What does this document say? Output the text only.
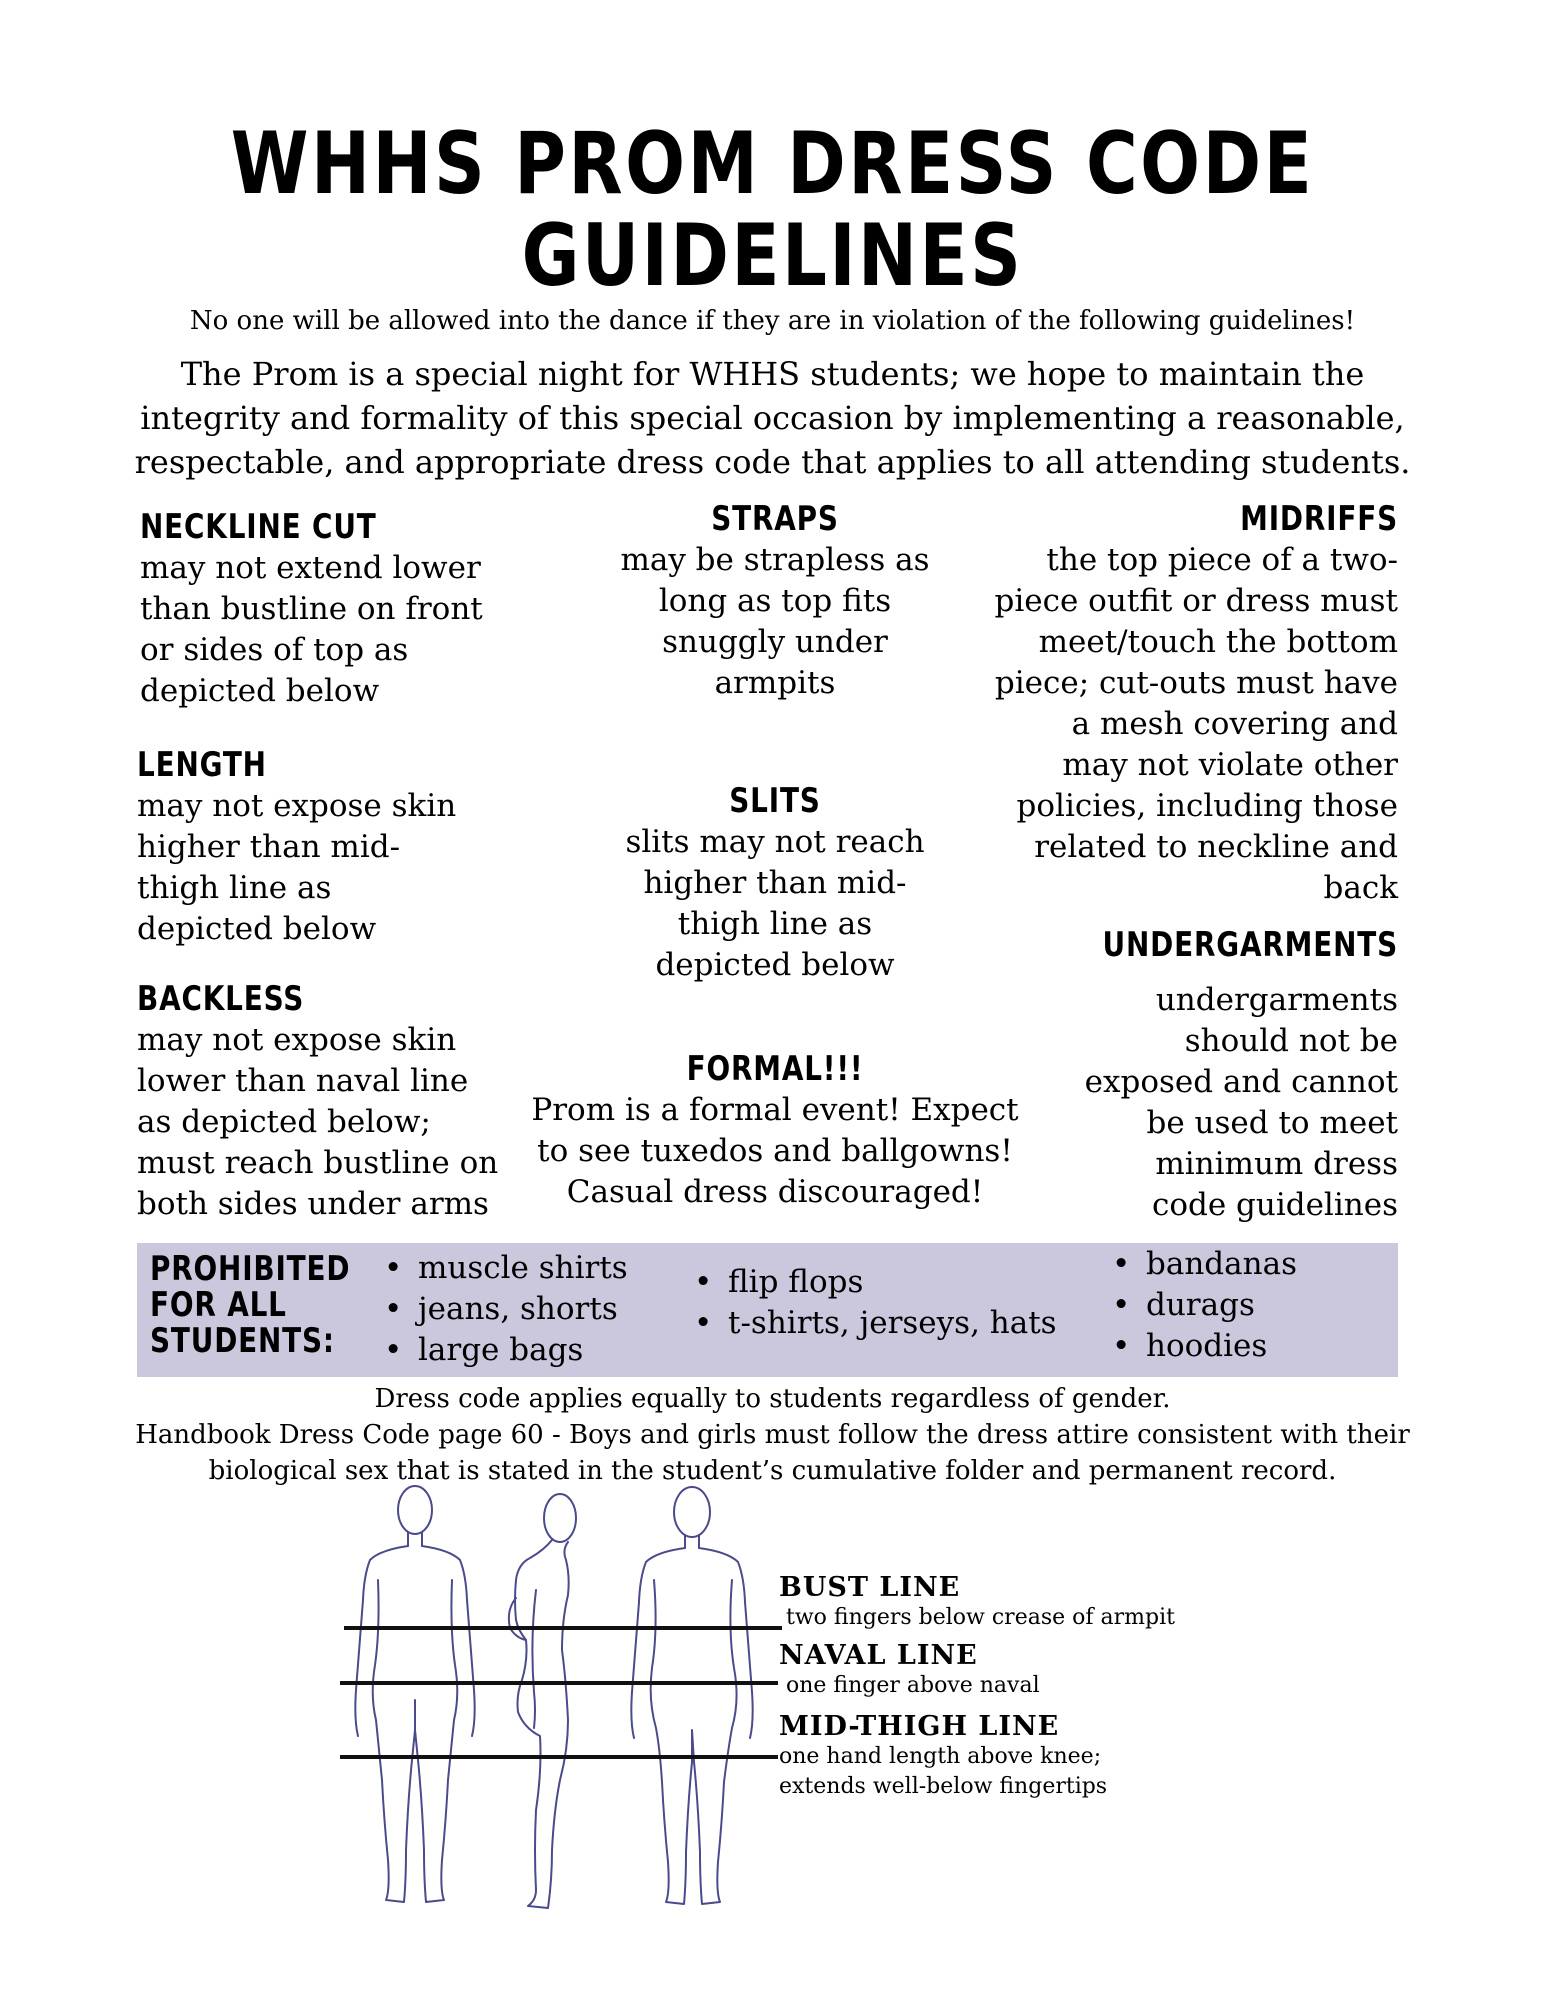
WHHS PROM DRESS CODE
GUIDELINES
No one will be allowed into the dance if they are in violation of the following guidelines!
The Prom is a special night for WHHS students; we hope to maintain the integrity and formality of this special occasion by implementing a reasonable, respectable, and appropriate dress code that applies to all attending students.
NECKLINE CUT
may not extend lower
than bustline on front
or sides of top as
depicted below
LENGTH
may not expose skin
higher than mid-
thigh line as
depicted below
BACKLESS
may not expose skin
lower than naval line
as depicted below;
must reach bustline on
both sides under arms
STRAPS
may be strapless as
long as top fits
snuggly under
armpits
SLITS
slits may not reach
higher than mid-
thigh line as
depicted below
FORMAL!!!
Prom is a formal event! Expect
to see tuxedos and ballgowns!
Casual dress discouraged!
MIDRIFFS
the top piece of a two-
piece outfit or dress must
meet/touch the bottom
piece; cut-outs must have
a mesh covering and
may not violate other
policies, including those
related to neckline and
back
UNDERGARMENTS
undergarments
should not be
exposed and cannot
be used to meet
minimum dress
code guidelines
PROHIBITED
FOR ALL
STUDENTS:
• muscle shirts
• jeans, shorts
• large bags
• flip flops
• t-shirts, jerseys, hats
• bandanas
• durags
• hoodies
Dress code applies equally to students regardless of gender.
Handbook Dress Code page 60 - Boys and girls must follow the dress attire consistent with their biological sex that is stated in the student’s cumulative folder and permanent record.
BUST LINE
two fingers below crease of armpit
NAVAL LINE
one finger above naval
MID-THIGH LINE
one hand length above knee;
extends well-below fingertips
